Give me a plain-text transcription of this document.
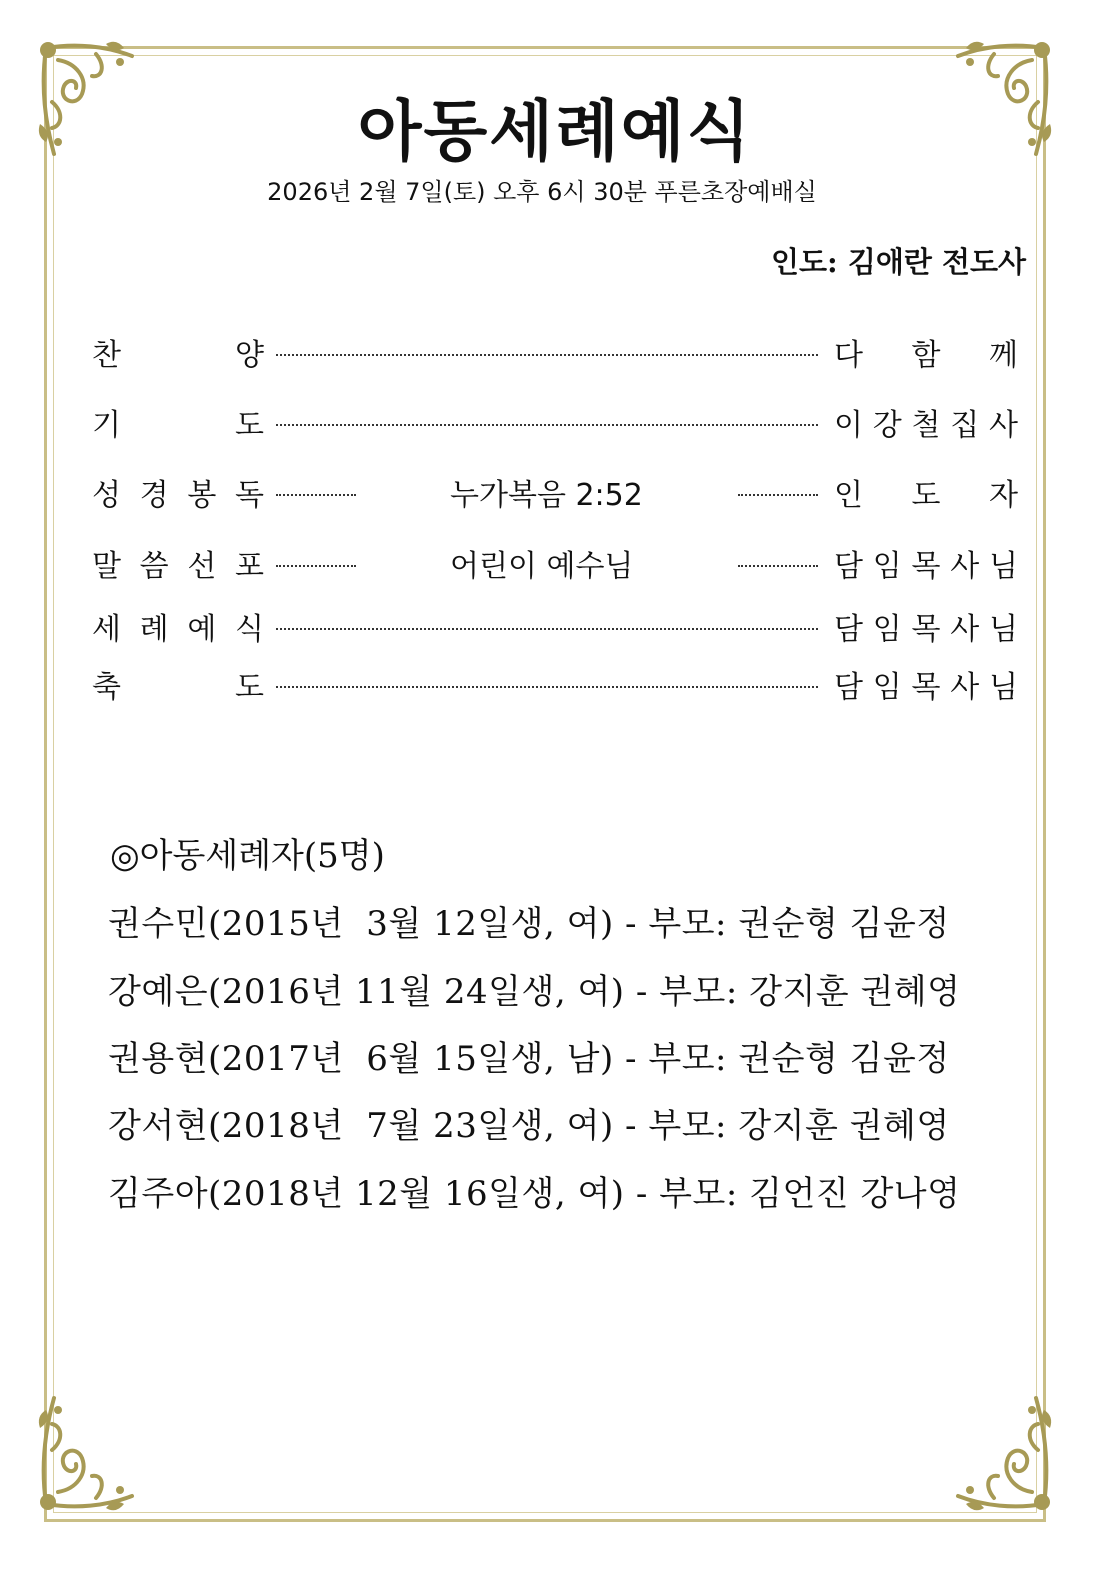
아동세례예식
2026년 2월 7일(토) 오후 6시 30분 푸른초장예배실
인도: 김애란 전도사
찬	양	다 함 께
기	도	이 강 철 집 사
성 경 봉 독	누가복음 2:52	인 도 자
말 씀 선 포	어린이 예수님	담 임 목 사 님
세 례 예 식	담 임 목 사 님
축	도	담 임 목 사 님
◎아동세례자(5명)
권수민(2015년  3월 12일생, 여) - 부모: 권순형 김윤정
강예은(2016년 11월 24일생, 여) - 부모: 강지훈 권혜영
권용현(2017년  6월 15일생, 남) - 부모: 권순형 김윤정
강서현(2018년  7월 23일생, 여) - 부모: 강지훈 권혜영
김주아(2018년 12월 16일생, 여) - 부모: 김언진 강나영
